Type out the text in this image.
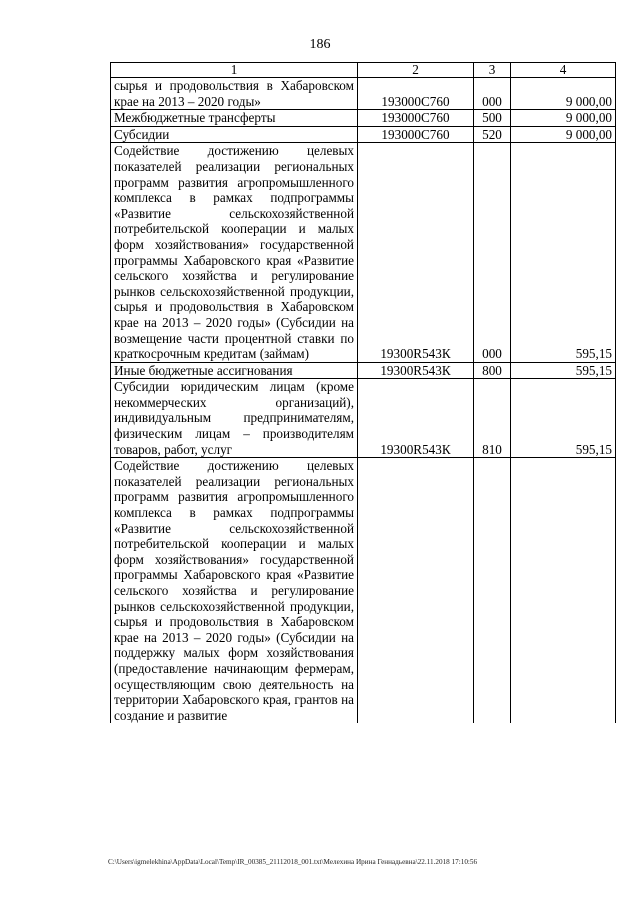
186
1	2	3	4
сырья и продовольствия в Хабаровском крае на 2013 – 2020 годы»	193000С760	000	9 000,00
Межбюджетные трансферты	193000С760	500	9 000,00
Субсидии	193000С760	520	9 000,00
Содействие достижению целевых показателей реализации региональных программ развития агропромышленного комплекса в рамках подпрограммы «Развитие сельскохозяйственной потребительской кооперации и малых форм хозяйствования» государственной программы Хабаровского края «Развитие сельского хозяйства и регулирование рынков сельскохозяйственной продукции, сырья и продовольствия в Хабаровском крае на 2013 – 2020 годы» (Субсидии на возмещение части процентной ставки по краткосрочным кредитам (займам)	19300R543К	000	595,15
Иные бюджетные ассигнования	19300R543К	800	595,15
Субсидии юридическим лицам (кроме некоммерческих организаций), индивидуальным предпринимателям, физическим лицам – производителям товаров, работ, услуг	19300R543К	810	595,15
Содействие достижению целевых показателей реализации региональных программ развития агропромышленного комплекса в рамках подпрограммы «Развитие сельскохозяйственной потребительской кооперации и малых форм хозяйствования» государственной программы Хабаровского края «Развитие сельского хозяйства и регулирование рынков сельскохозяйственной продукции, сырья и продовольствия в Хабаровском крае на 2013 – 2020 годы» (Субсидии на поддержку малых форм хозяйствования (предоставление начинающим фермерам, осуществляющим свою деятельность на территории Хабаровского края, грантов на создание и развитие			
C:\Users\igmelekhina\AppData\Local\Temp\IR_00385_21112018_001.txt\Мелехина Ирина Геннадьевна\22.11.2018 17:10:56
